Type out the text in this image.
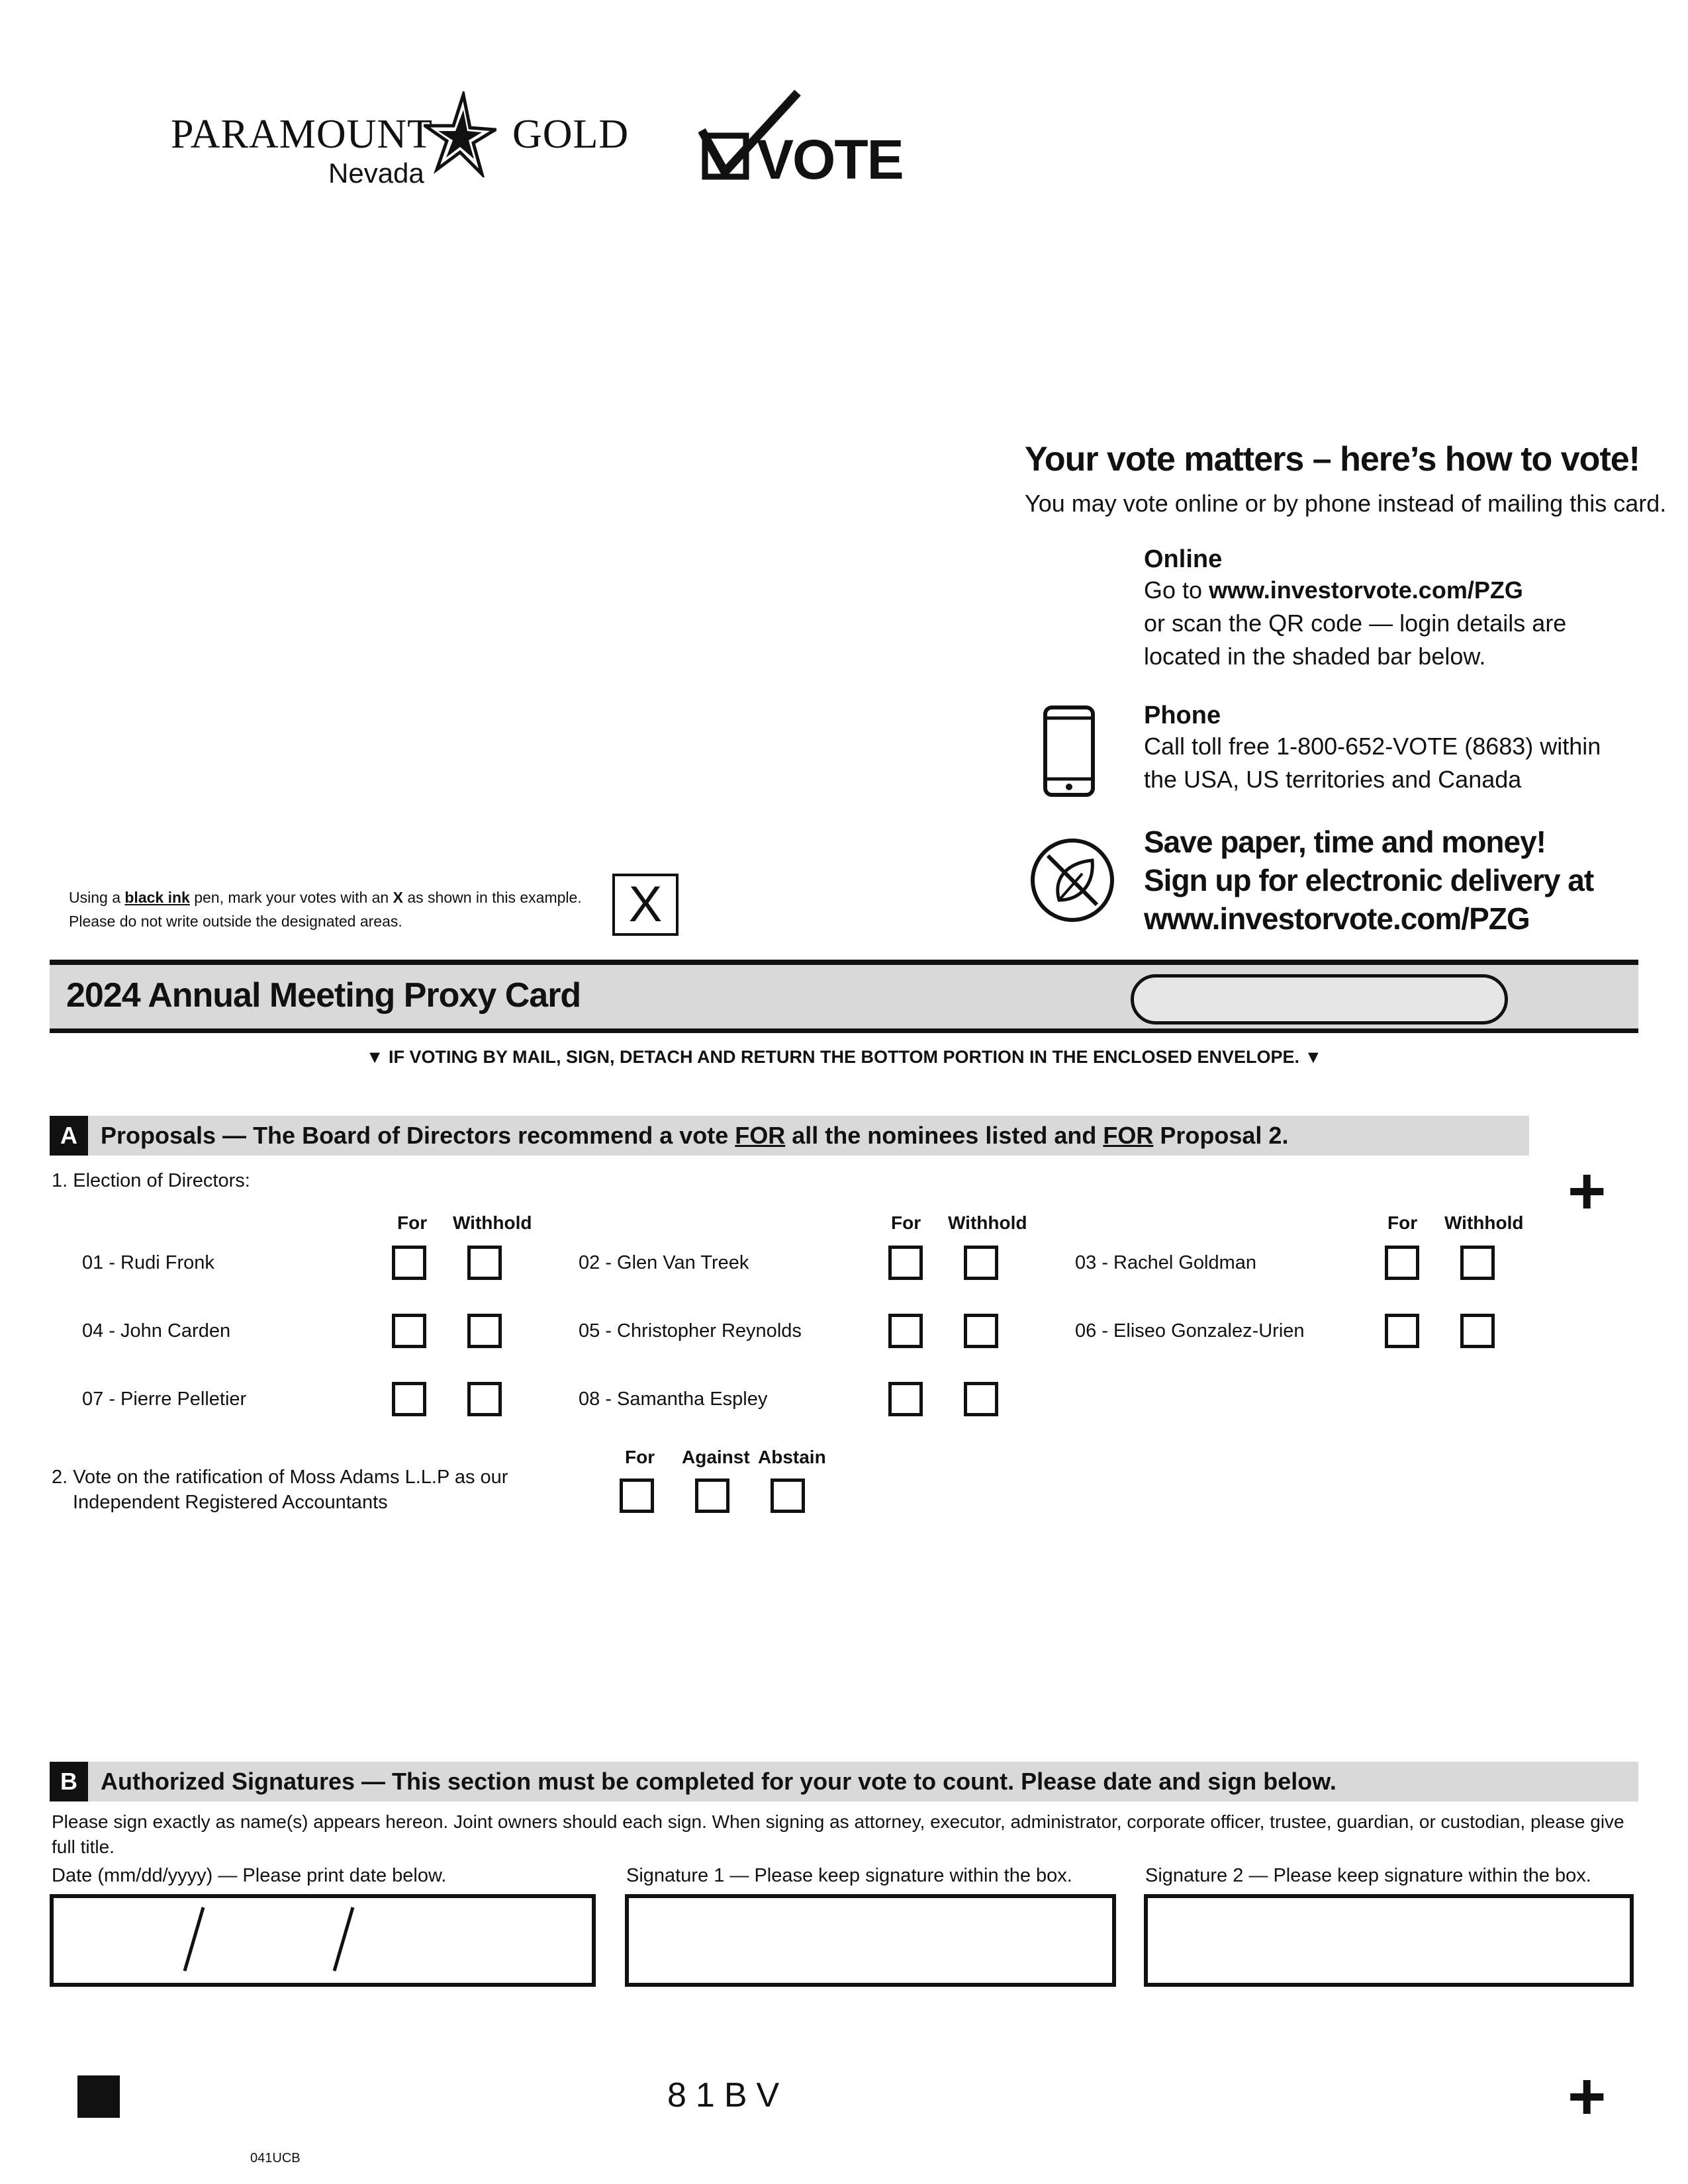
PARAMOUNT GOLD
Nevada	VOTE
Your vote matters – here’s how to vote!
You may vote online or by phone instead of mailing this card.
Online
Go to www.investorvote.com/PZG
or scan the QR code — login details are
located in the shaded bar below.
Phone
Call toll free 1-800-652-VOTE (8683) within
the USA, US territories and Canada
Save paper, time and money!
Sign up for electronic delivery at
www.investorvote.com/PZG
Using a black ink pen, mark your votes with an X as shown in this example.
Please do not write outside the designated areas.	X
2024 Annual Meeting Proxy Card
▼ IF VOTING BY MAIL, SIGN, DETACH AND RETURN THE BOTTOM PORTION IN THE ENCLOSED ENVELOPE. ▼
A Proposals — The Board of Directors recommend a vote FOR all the nominees listed and FOR Proposal 2.
+
1. Election of Directors:
For Withhold	For Withhold	For Withhold
01 - Rudi Fronk	02 - Glen Van Treek	03 - Rachel Goldman
04 - John Carden	05 - Christopher Reynolds	06 - Eliseo Gonzalez-Urien
07 - Pierre Pelletier	08 - Samantha Espley
2. Vote on the ratification of Moss Adams L.L.P as our
Independent Registered Accountants
For Against Abstain
B Authorized Signatures — This section must be completed for your vote to count. Please date and sign below.
Please sign exactly as name(s) appears hereon. Joint owners should each sign. When signing as attorney, executor, administrator, corporate officer, trustee, guardian, or custodian, please give
full title.
Date (mm/dd/yyyy) — Please print date below.	Signature 1 — Please keep signature within the box.	Signature 2 — Please keep signature within the box.
81BV	+
041UCB
